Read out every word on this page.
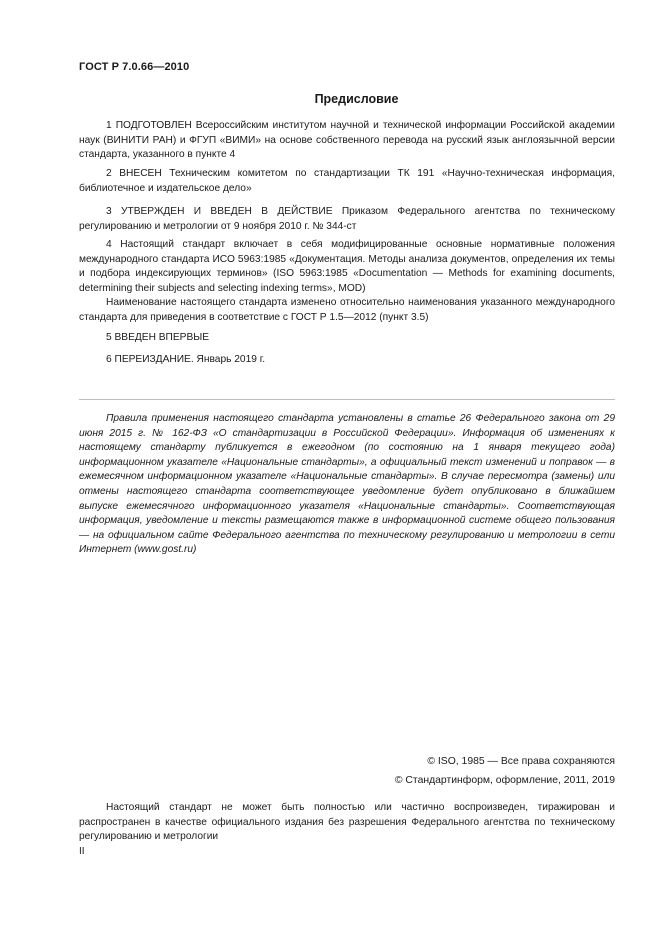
ГОСТ Р 7.0.66—2010
Предисловие

1 ПОДГОТОВЛЕН Всероссийским институтом научной и технической информации Российской академии наук (ВИНИТИ РАН) и ФГУП «ВИМИ» на основе собственного перевода на русский язык англоязычной версии стандарта, указанного в пункте 4

2 ВНЕСЕН Техническим комитетом по стандартизации ТК 191 «Научно-техническая информация, библиотечное и издательское дело»

3 УТВЕРЖДЕН И ВВЕДЕН В ДЕЙСТВИЕ Приказом Федерального агентства по техническому регулированию и метрологии от 9 ноября 2010 г. № 344-ст

4 Настоящий стандарт включает в себя модифицированные основные нормативные положения международного стандарта ИСО 5963:1985 «Документация. Методы анализа документов, определения их темы и подбора индексирующих терминов» (ISO 5963:1985 «Documentation — Methods for examining documents, determining their subjects and selecting indexing terms», MOD)

Наименование настоящего стандарта изменено относительно наименования указанного международного стандарта для приведения в соответствие с ГОСТ Р 1.5—2012 (пункт 3.5)

5 ВВЕДЕН ВПЕРВЫЕ

6 ПЕРЕИЗДАНИЕ. Январь 2019 г.

Правила применения настоящего стандарта установлены в статье 26 Федерального закона от 29 июня 2015 г. № 162-ФЗ «О стандартизации в Российской Федерации». Информация об изменениях к настоящему стандарту публикуется в ежегодном (по состоянию на 1 января текущего года) информационном указателе «Национальные стандарты», а официальный текст изменений и поправок — в ежемесячном информационном указателе «Национальные стандарты». В случае пересмотра (замены) или отмены настоящего стандарта соответствующее уведомление будет опубликовано в ближайшем выпуске ежемесячного информационного указателя «Национальные стандарты». Соответствующая информация, уведомление и тексты размещаются также в информационной системе общего пользования — на официальном сайте Федерального агентства по техническому регулированию и метрологии в сети Интернет (www.gost.ru)

© ISO, 1985 — Все права сохраняются
© Стандартинформ, оформление, 2011, 2019

Настоящий стандарт не может быть полностью или частично воспроизведен, тиражирован и распространен в качестве официального издания без разрешения Федерального агентства по техническому регулированию и метрологии

II
